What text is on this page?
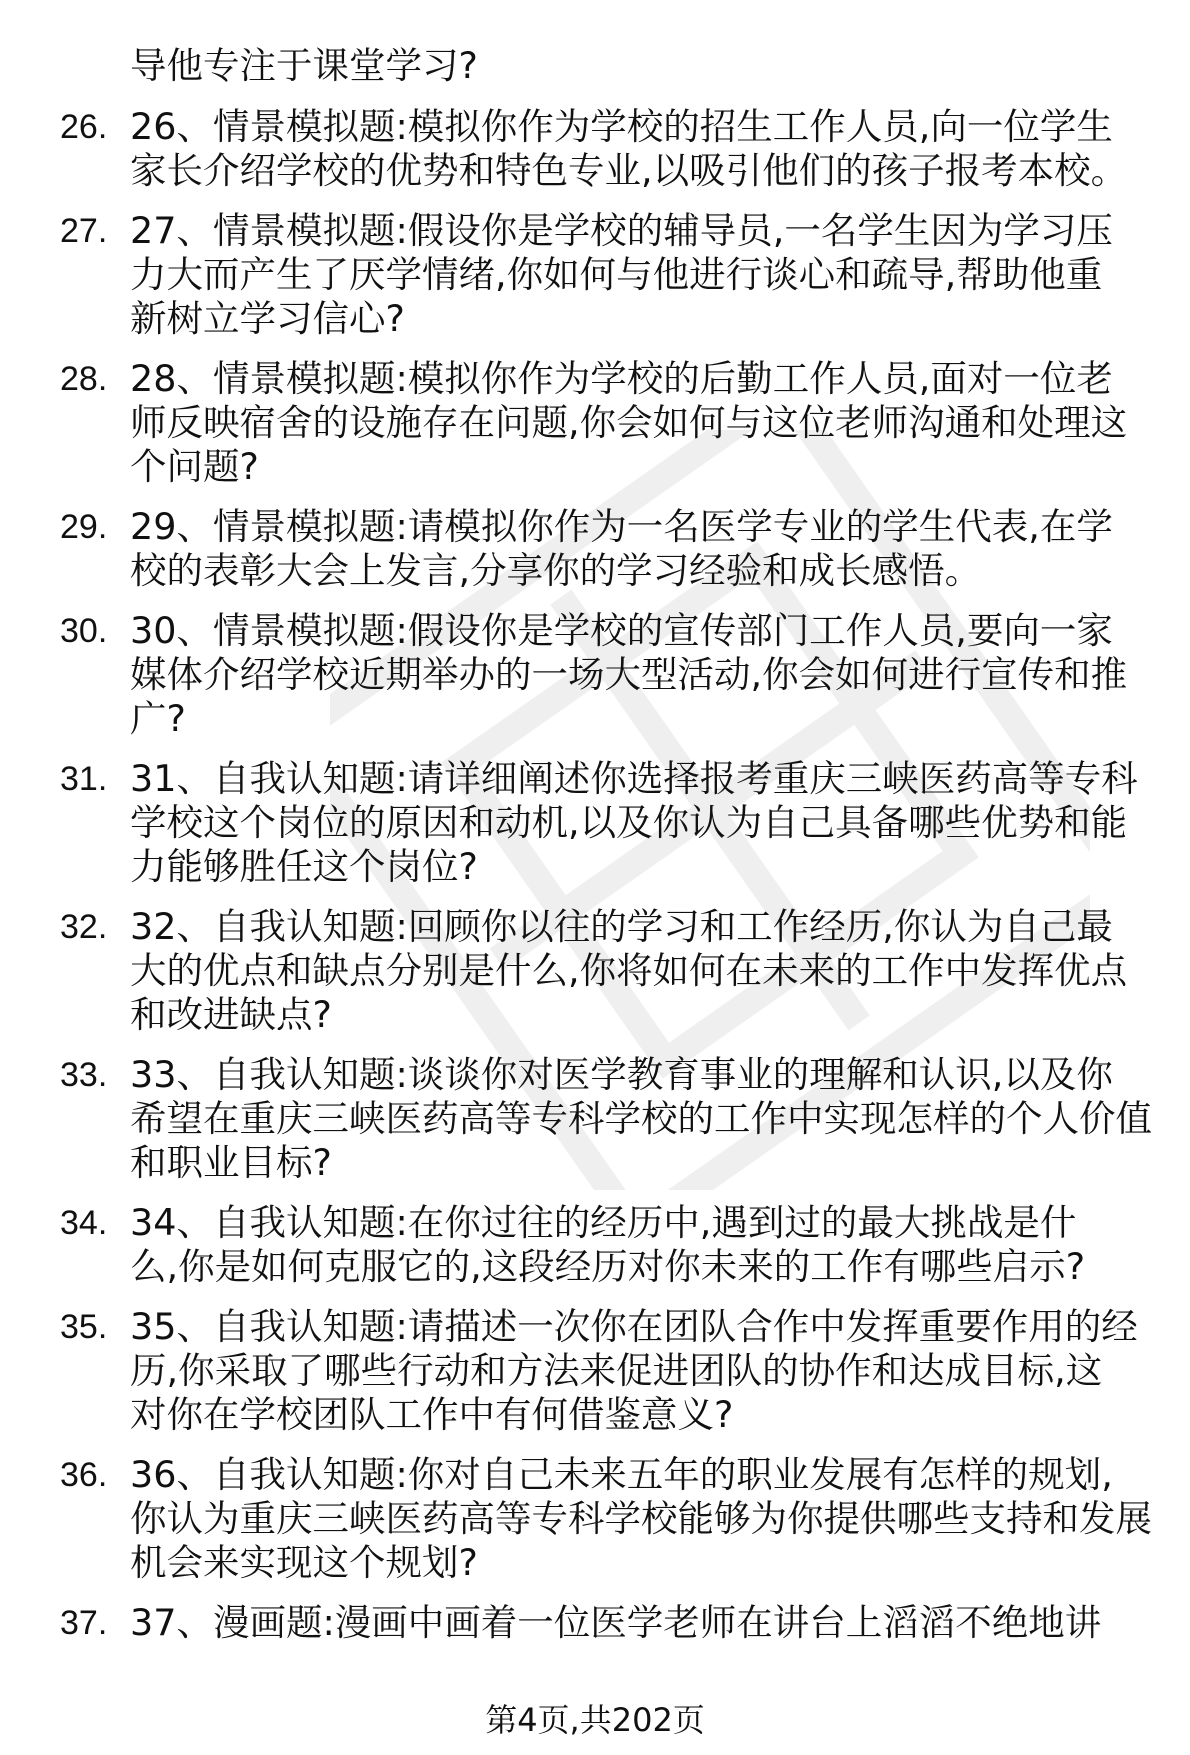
导他专注于课堂学习?
26. 26、情景模拟题:模拟你作为学校的招生工作人员,向一位学生
家长介绍学校的优势和特色专业,以吸引他们的孩子报考本校。
27. 27、情景模拟题:假设你是学校的辅导员,一名学生因为学习压
力大而产生了厌学情绪,你如何与他进行谈心和疏导,帮助他重
新树立学习信心?
28. 28、情景模拟题:模拟你作为学校的后勤工作人员,面对一位老
师反映宿舍的设施存在问题,你会如何与这位老师沟通和处理这
个问题?
29. 29、情景模拟题:请模拟你作为一名医学专业的学生代表,在学
校的表彰大会上发言,分享你的学习经验和成长感悟。
30. 30、情景模拟题:假设你是学校的宣传部门工作人员,要向一家
媒体介绍学校近期举办的一场大型活动,你会如何进行宣传和推
广?
31. 31、自我认知题:请详细阐述你选择报考重庆三峡医药高等专科
学校这个岗位的原因和动机,以及你认为自己具备哪些优势和能
力能够胜任这个岗位?
32. 32、自我认知题:回顾你以往的学习和工作经历,你认为自己最
大的优点和缺点分别是什么,你将如何在未来的工作中发挥优点
和改进缺点?
33. 33、自我认知题:谈谈你对医学教育事业的理解和认识,以及你
希望在重庆三峡医药高等专科学校的工作中实现怎样的个人价值
和职业目标?
34. 34、自我认知题:在你过往的经历中,遇到过的最大挑战是什
么,你是如何克服它的,这段经历对你未来的工作有哪些启示?
35. 35、自我认知题:请描述一次你在团队合作中发挥重要作用的经
历,你采取了哪些行动和方法来促进团队的协作和达成目标,这
对你在学校团队工作中有何借鉴意义?
36. 36、自我认知题:你对自己未来五年的职业发展有怎样的规划,
你认为重庆三峡医药高等专科学校能够为你提供哪些支持和发展
机会来实现这个规划?
37. 37、漫画题:漫画中画着一位医学老师在讲台上滔滔不绝地讲
第4页,共202页
